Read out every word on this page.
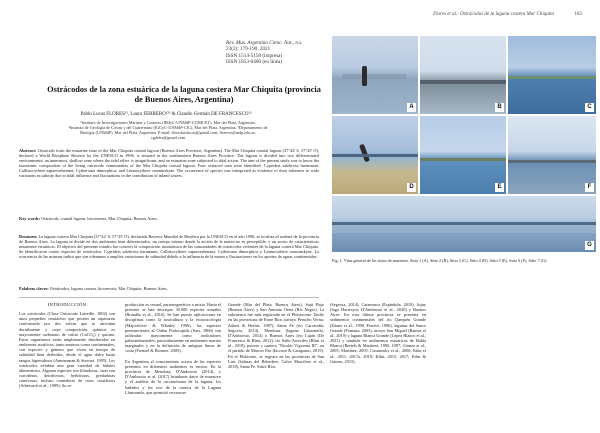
Flores et al.: Ostrácodos de la laguna costera Mar Chiquita	183
Rev. Mus. Argentino Cienc. Nat., n.s.
23(2): 179-190, 2021
ISSN 1514-5158 (impresa)
ISSN 1853-0400 (en línea)
Ostrácodos de la zona estuárica de la laguna costera Mar Chiquita (provincia de Buenos Aires, Argentina)
Pablo Lucas FLORES¹², Laura FERRERO¹²³ & Claudio Germán DE FRANCESCO¹²
¹Instituto de Investigaciones Marinas y Costeras (IIMyC-UNMdP-CONICET), Mar del Plata, Argentina.
²Instituto de Geología de Costas y del Cuaternario (IGCyC-UNMdP-CIC), Mar del Plata, Argentina. ³Departamento de
Biología (UNMdP), Mar del Plata, Argentina. E-mail: floresluislucas@gmail.com; lferrero@mdp.edu.ar;
cgdefra@gmail.com
Abstract: Ostracods from the estuarine zone of the Mar Chiquita coastal lagoon (Buenos Aires Province, Argentina). The Mar Chiquita coastal lagoon (37°42' S, 57°25' O), declared a World Biosphere Reserve by the UNESCO in 1996, is situated in the southeastern Buenos Aires Province. The lagoon is divided into two differentiated environments: an innermost, shallow zone where the tidal effect is insignificant, and an estuarine zone subjected to tidal action. The aim of the present study was to know the taxonomic composition of the living ostracode communities of the Mar Chiquita coastal lagoon. Four ostracod taxa were identified: Cyprideis salebrosa hartmanni, Callistocythere sapaeverbenaea, Cytheroma dimorphica, and Limnocythere cusminskyae. The occurrence of species was interpreted as evidence of their tolerance to wide variations in salinity due to tidal influence and fluctuations in the contribution of inland waters.
Key words: Ostracods, coastal lagoon, biocenoses, Mar Chiquita, Buenos Aires.
Resumen: La laguna costera Mar Chiquita (37°42' S, 57°25' O), declarada Reserva Mundial de Biosfera por la UNESCO en el año 1996, se localiza al sudeste de la provincia de Buenos Aires. La laguna se divide en dos ambientes bien diferenciados, un cuerpo interno donde la acción de la marea no es perceptible, y un sector de características netamente estuáricas. El objetivo del presente estudio fue conocer la composición taxonómica de las comunidades de ostrácodos vivientes de la laguna costera Mar Chiquita. Se identificaron cuatro especies de ostrácodos: Cyprideis salebrosa hartmanni, Callistocythere sapaeverbenaea, Cytheroma dimorphica y Limnocythere cusminskyae. La ocurrencia de las mismas indica que son tolerantes a amplias variaciones de salinidad debido a la influencia de la marea y fluctuaciones en los aportes de aguas continentales.
Palabras claves: Ostrácodos, laguna costera, biocenosis, Mar Chiquita, Buenos Aires.
INTRODUCCIÓN
Los ostrácodos (Clase Ostracoda Latreille, 1802) son unos pequeños crustáceos que poseen un caparazón conformado por dos valvas que se articulan dorsalmente y cuya composición química es mayormente carbonato de calcio (CaCO₃) y quitina. Estos organismos están ampliamente distribuidos en ambientes acuáticos, tanto marinos como continentales, con especies y géneros que viven en tiempo de salinidad bien definidos, desde el agua dulce hasta rangos hipersalinos (Ammerman & Stewart, 1995). Los ostrácodos exhiben una gran variedad de hábitos alimenticios. Algunas especies son filtradoras, otras son carroñeras, detritívoras, herbívoras, predadoras carnívoras, incluso comedores de otros crustáceos (Athersuch et al., 1989). Su re-
producción es sexual, partenogenética o mixta. Hasta el presente se han descripto 30.000 especies actuales (Brandão et al., 2016). Se han puesto aplicaciones en disciplinas como la acuicultura y la ecotoxicología (Majoričević & Whatley 1996), las especies pertenecientes al Orden Podocopida (Sars, 1866) son utilizadas mayormente como indicadores paleoambientales, particularmente en ambientes marino marginales y en la definición de antiguas líneas de costa (Frenzel & Boomer, 2005).

En Argentina el conocimiento acerca de las especies presentes en diferentes ambientes es escaso. En la provincia de Mendoza, D'Ambrosio (2014), y D'Ambrosio et al. (2017) brindaron datos de muestreo y el análisis de la carcinofauna de la laguna, los bañados y los ríos de la cuenca de la Laguna Llancanelo, que permitió reconocer
Grande (Mar del Plata, Buenos Aires), Sajú Bajo (Buenos Aires) y San Antonio Oeste (Río Negro). La subcuenca fue más registrada en el Pleistoceno Tardío en las provincias de Entre Ríos (arroyo Perucho Verna; Zabert & Herbst, 1987), Santa Fe (río Carcarañá; Segovia, 2014), Mendoza (laguna Llancanelo; D'Ambrosio, 2014) o Buenos Aires (río Luján (De Francesco & Blasi, 2012), río Salto-Arrecifes (Blasi et al., 2019), potrero y cantera "Nicolás Vígorena III", en el partido de Marcos Paz (Iaccuse & Cariguano, 2019). En el Holoceno, se registra en las provincias de San Luis (Salinas del Bebedero; Calvo Marcilese et al., 2018), Santa Fe, Entre Ríos
(Segovia, 2014), Catamarca (Espíndola, 2019), Jujuy (Iago Hurtreyra; D'Ambrosio et al., 2020) y Buenos Aires. En esta última provincia se presenta en sedimentos continentales del río Quequén Grande (Zárate et al., 1998, Ferrero, 1996), lagunas del Sauce Grande (Fontana, 2005), arroyo San Miguel (Ramos et al., 2019) y laguna Blanca Grande (López Blanco et al., 2021) y también en sedimentos estuáricos de Bahía Blanca (Bertels & Martínez, 1990, 1997; Gómez et al., 2005; Martínez, 2005; Cusminsky et al., 2006; Kihn et al., 2011, 2017a, 2018; Kihn, 2015, 2017; Kihn & Gómez, 2015).
A	B	C
D	E	F
G
Fig. 1. Vista general de los sitios de muestreo. Sitio 1 (A), Sitio 2 (B), Sitio 3 (C), Sitio 4 (D), Sitio 5 (E), Sitio 6 (F), Sitio 7 (G).
